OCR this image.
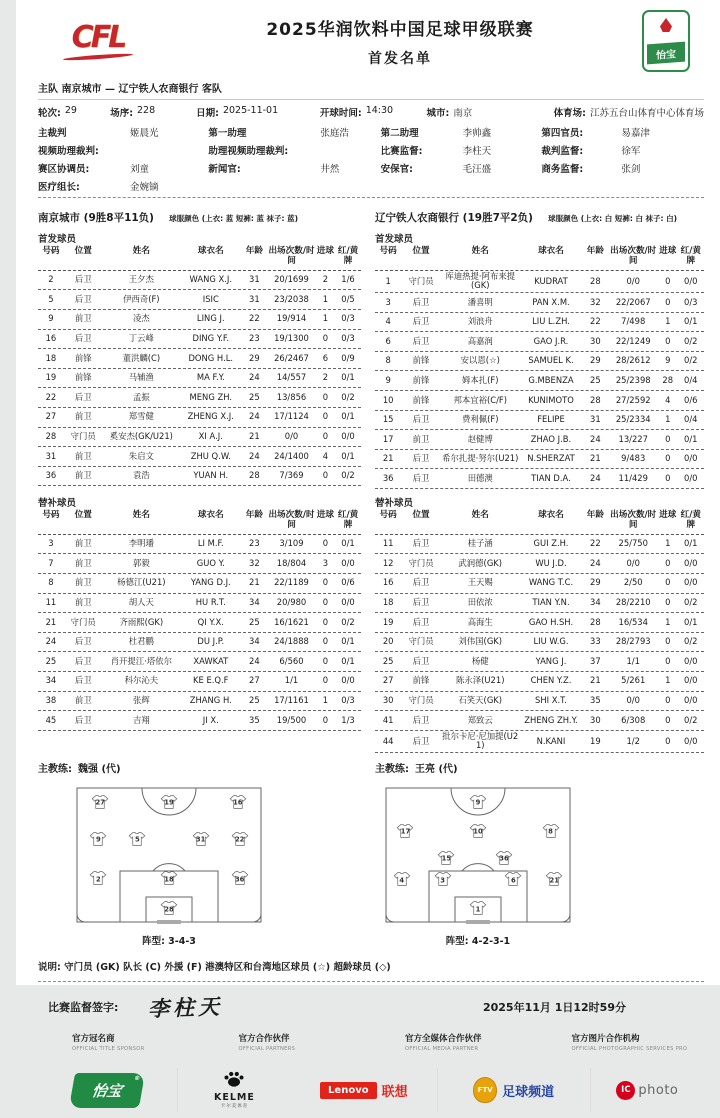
CFL	2025华润饮料中国足球甲级联赛
首发名单	怡宝
主队 南京城市 — 辽宁铁人农商银行 客队
轮次: 29	场序: 228	日期: 2025-11-01	开球时间: 14:30	城市: 南京	体育场: 江苏五台山体育中心体育场
主裁判	姬晨光	第一助理	张庭浩	第二助理	李帅鑫	第四官员:	易嘉津
视频助理裁判:	助理视频助理裁判:	比赛监督:	李柱天	裁判监督:	徐军
赛区协调员:	刘童	新闻官:	井然	安保官:	毛汪盛	商务监督:	张剑
医疗组长:	金婉镝
南京城市 (9胜8平11负) 球服颜色 (上衣: 蓝 短裤: 蓝 袜子: 蓝)	辽宁铁人农商银行 (19胜7平2负) 球服颜色 (上衣: 白 短裤: 白 袜子: 白)
首发球员	首发球员
号码	位置	姓名	球衣名	年龄 出场次数/时间
进球 红/黄牌
2	后卫	王夕杰	WANG X.J.	31	20/1699	2	1/6
5	后卫	伊西奇(F)	ISIC	31	23/2038	1	0/5
9	前卫	凌杰	LING J.	22	19/914	1	0/3
16	后卫	丁云峰	DING Y.F.	23	19/1300	0	0/3
18	前锋	董洪麟(C)	DONG H.L.	29	26/2467	6	0/9
19	前锋	马辅渔	MA F.Y.	24	14/557	2	0/1
22	后卫	孟振	MENG ZH.	25	13/856	0	0/2
27	前卫	郑雪健	ZHENG X.J.	24	17/1124	0	0/1
28	守门员	奚安杰(GK/U21)	XI A.J.	21	0/0	0	0/0
31	前卫	朱启文	ZHU Q.W.	24	24/1400	4	0/1
36	前卫	袁浩	YUAN H.	28	7/369	0	0/2
号码	位置	姓名	球衣名	年龄 出场次数/时间
进球 红/黄牌
1	守门员	库迪热提·阿布来提(GK)	KUDRAT	28	0/0	0	0/0
3	后卫	潘喜明	PAN X.M.	32	22/2067	0	0/3
4	后卫	刘浪舟	LIU L.ZH.	22	7/498	1	0/1
6	后卫	高嘉润	GAO J.R.	30	22/1249	0	0/2
8	前锋	安以恩(☆)	SAMUEL K.	29	28/2612	9	0/2
9	前锋	姆本扎(F)	G.MBENZA	25	25/2398	28	0/4
10	前锋	邦本宜裕(C/F)	KUNIMOTO	28	27/2592	4	0/6
15	后卫	费利佩(F)	FELIPE	31	25/2334	1	0/4
17	前卫	赵健博	ZHAO J.B.	24	13/227	0	0/1
21	后卫	希尔扎提·努尔(U21)	N.SHERZAT	21	9/483	0	0/0
36	后卫	田德澳	TIAN D.A.	24	11/429	0	0/0
替补球员	替补球员
号码	位置	姓名	球衣名	年龄 出场次数/时间
进球 红/黄牌
3	前卫	李明璠	LI M.F.	23	3/109	0	0/1
7	前卫	郭毅	GUO Y.	32	18/804	3	0/0
8	前卫	杨德江(U21)	YANG D.J.	21	22/1189	0	0/6
11	前卫	胡人天	HU R.T.	34	20/980	0	0/0
21	守门员	齐雨熙(GK)	QI Y.X.	25	16/1621	0	0/2
24	后卫	杜君鹏	DU J.P.	34	24/1888	0	0/1
25	后卫	肖开提江·塔依尔	XAWKAT	24	6/560	0	0/1
34	后卫	科尔沁夫	KE E.Q.F	27	1/1	0	0/0
38	前卫	张辉	ZHANG H.	25	17/1161	1	0/3
45	后卫	吉翔	JI X.	35	19/500	0	1/3
号码	位置	姓名	球衣名	年龄 出场次数/时间
进球 红/黄牌
11	后卫	桂子涵	GUI Z.H.	22	25/750	1	0/1
12	守门员	武润德(GK)	WU J.D.	24	0/0	0	0/0
16	后卫	王天赐	WANG T.C.	29	2/50	0	0/0
18	后卫	田依浓	TIAN Y.N.	34	28/2210	0	0/2
19	后卫	高海生	GAO H.SH.	28	16/534	1	0/1
20	守门员	刘伟国(GK)	LIU W.G.	33	28/2793	0	0/2
25	后卫	杨健	YANG J.	37	1/1	0	0/0
27	前锋	陈永泽(U21)	CHEN Y.Z.	21	5/261	1	0/0
30	守门员	石笑天(GK)	SHI X.T.	35	0/0	0	0/0
41	后卫	郑致云	ZHENG ZH.Y.	30	6/308	0	0/2
44	后卫	批尔卡尼·尼加提(U21)	N.KANI	19	1/2	0	0/0
主教练: 魏强 (代)	主教练: 王亮 (代)
27	19	16
9	5	31	22
2	18	36
28
阵型: 3-4-3
9
17	10	8
15	36
4	3	6	21
1
阵型: 4-2-3-1
说明: 守门员 (GK) 队长 (C) 外援 (F) 港澳特区和台湾地区球员 (☆) 超龄球员 (◇)
比赛监督签字: 李柱天	2025年11月 1日12时59分
官方冠名商
OFFICIAL TITLE SPONSOR
官方合作伙伴
OFFICIAL PARTNERS
官方全媒体合作伙伴
OFFICIAL MEDIA PARTNER
官方图片合作机构
OFFICIAL PHOTOGRAPHIC SERVICES PRO
怡宝
®
KELME
卡尔美体育
Lenovo	联想	FTV 足球频道	IC photo
